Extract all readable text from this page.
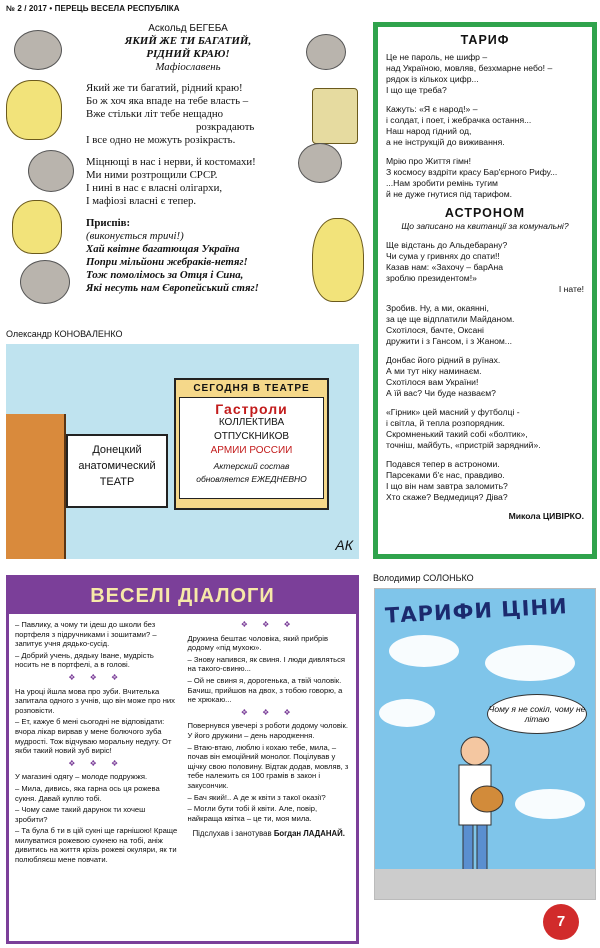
№ 2 / 2017 • ПЕРЕЦЬ ВЕСЕЛА РЕСПУБЛІКА
Аскольд БЕГЕБА
ЯКИЙ ЖЕ ТИ БАГАТИЙ,
РІДНИЙ КРАЮ!
Мафіославень
Який же ти багатий, рідний краю!
Бо ж хоч яка впаде на тебе власть –
Вже стільки літ тебе нещадно
розкрадають
І все одно не можуть розікрасть.
Міцнющі в нас і нерви, й костомахи!
Ми ними розтрощили СРСР.
І нині в нас є власні олігархи,
І мафіозі власні є тепер.
Приспів:
(виконується тричі!)
Хай квітне багатющая Україна
Попри мільйони жебраків-нетяг!
Тож помолімось за Отця і Сина,
Які несуть нам Європейський стяг!
Олександр КОНОВАЛЕНКО
Донецкий
анатомический
ТЕАТР
СЕГОДНЯ В ТЕАТРЕ
Гастроли
КОЛЛЕКТИВА
ОТПУСКНИКОВ
АРМИИ РОССИИ
Актерский состав
обновляется ЕЖЕДНЕВНО
АК
ТАРИФ

Це не пароль, не шифр –
над Україною, мовляв, безхмарне небо! –
рядок із кількох цифр...
І що ще треба?

Кажуть: «Я є народ!» –
і солдат, і поет, і жебрачка остання...
Наш народ гідний од,
а не інструкцій до виживання.

Мрію про Життя гімн!
З космосу вздріти красу Бар'єрного Рифу...
...Нам зробити ремінь тугим
й не дуже гнутися під тарифом.

АСТРОНОМ
Що записано на квитанції за комунальні?

Ще відстань до Альдебарану?
Чи сума у гривнях до спати!!
Казав нам: «Захочу – барАна
зроблю президентом!»
І нате!

Зробив. Ну, а ми, окаянні,
за це ще відплатили Майданом.
Схотілося, бачте, Оксані
дружити і з Гансом, і з Жаном...

Донбас його рідний в руїнах.
А ми тут ніку наминаєм.
Схотілося вам України!
А їй вас? Чи буде назваєм?

«Гірник» цей масний у футболці -
і світла, й тепла розпорядник.
Скромненький такий собі «болтик»,
точніш, майбуть, «пристрій зарядний».

Подався тепер в астрономи.
Парсеками б'є нас, правдиво.
І що він нам завтра заломить?
Хто скаже? Ведмедиця? Діва?

Микола ЦИВІРКО.
ВЕСЕЛІ ДІАЛОГИ

– Павлику, а чому ти ідеш до школи без портфеля з підручниками і зошитами? – запитує учня дядько-сусід.

– Добрий учень, дядьку Іване, мудрість носить не в портфелі, а в голові.

❖ ❖ ❖

На уроці йшла мова про зуби. Вчителька запитала одного з учнів, що він може про них розповісти.

– Ет, кажуе б мені сьогодні не відповідати: вчора лікар вирвав у мене болючого зуба мудрості. Тож відчуваю моральну недугу. От якби такий новий зуб виріс!

❖ ❖ ❖

У магазині одягу – молоде подружжя.

– Мила, дивись, яка гарна ось ця рожева сукня. Давай куплю тобі.

– Чому саме такий дарунок ти хочеш зробити?

– Та була б ти в цій сукні ще гарнішою! Краще милуватися рожевою сукнею на тобі, аніж дивитись на життя крізь рожеві окуляри, як ти полюбляєш мене повчати.

❖ ❖ ❖

Дружина бештає чоловіка, який прибрів додому «під мухою».

– Знову напився, як свиня. І люди дивляться на такого-свиню...

– Ой не свиня я, дорогенька, а твій чоловік. Бачиш, прийшов на двох, з тобою говорю, а не хрюкаю...

❖ ❖ ❖

Повернувся увечері з роботи додому чоловік. У його дружини – день народження.

– Втаю-втаю, люблю і кохаю тебе, мила, – почав він емоційний монолог. Поцілував у щічку свою половину. Відтак додав, мовляв, з тебе належить ся 100 грамів в закон і закусончик.

– Бач який!.. А де ж квіти з такої оказії?

– Могли бути тобі й квіти. Але, повір, найкраща квітка – це ти, моя мила.

Підслухав і занотував Богдан ЛАДАНАЙ.
Володимир СОЛОНЬКО
ТАРИФИ ЦІНИ
Чому я не сокіл, чому не літаю
7
